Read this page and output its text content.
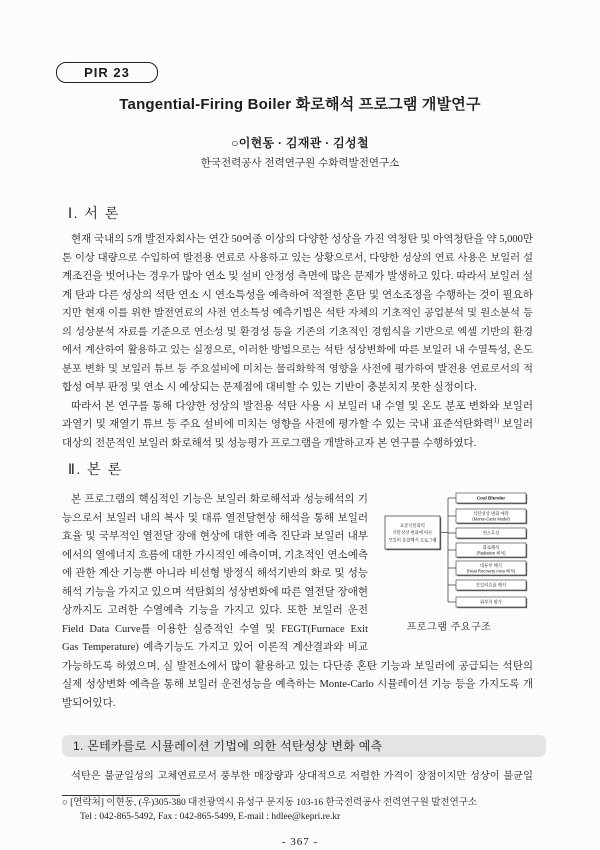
PIR 23
Tangential-Firing Boiler 화로해석 프로그램 개발연구
○이현동 · 김재관 · 김성철
한국전력공사 전력연구원 수화력발전연구소
Ⅰ. 서 론
현재 국내의 5개 발전자회사는 연간 50여종 이상의 다양한 성상을 가진 역청탄 및 아역청탄을 약 5,000만
톤 이상 대량으로 수입하여 발전용 연료로 사용하고 있는 상황으로서, 다양한 성상의 연료 사용은 보일러 설
계조건을 벗어나는 경우가 많아 연소 및 설비 안정성 측면에 많은 문제가 발생하고 있다. 따라서 보일러 설
계 탄과 다른 성상의 석탄 연소 시 연소특성을 예측하여 적절한 혼탄 및 연소조정을 수행하는 것이 필요하
지만 현재 이를 위한 발전연료의 사전 연소특성 예측기법은 석탄 자체의 기초적인 공업분석 및 원소분석 등
의 성상분석 자료를 기준으로 연소성 및 환경성 등을 기존의 기초적인 경험식을 기반으로 엑셀 기반의 환경
에서 계산하여 활용하고 있는 실정으로, 이러한 방법으로는 석탄 성상변화에 따른 보일러 내 수열특성, 온도
분포 변화 및 보일러 튜브 등 주요설비에 미치는 물리화학적 영향을 사전에 평가하여 발전용 연료로서의 적
합성 여부 판정 및 연소 시 예상되는 문제점에 대비할 수 있는 기반이 충분치지 못한 실정이다.
따라서 본 연구를 통해 다양한 성상의 발전용 석탄 사용 시 보일러 내 수열 및 온도 분포 변화와 보일러
과열기 및 재열기 튜브 등 주요 설비에 미치는 영향을 사전에 평가할 수 있는 국내 표준석탄화력$^{1)}$ 보일러
대상의 전문적인 보일러 화로해석 및 성능평가 프로그램을 개발하고자 본 연구를 수행하였다.
Ⅱ. 본 론
본 프로그램의 핵심적인 기능은 보일러 화로해석과 성능해석의 기
능으로서 보일러 내의 복사 및 대류 열전달현상 해석을 통해 보일러
효율 및 국부적인 열전달 장애 현상에 대한 예측 진단과 보일러 내부
에서의 열에너지 흐름에 대한 가시적인 예측이며, 기초적인 연소예측
에 관한 계산 기능뿐 아니라 비선형 방정식 해석기반의 화로 및 성능
해석 기능을 가지고 있으며 석탄회의 성상변화에 따른 열전달 장애현
상까지도 고려한 수열예측 기능을 가지고 있다. 또한 보일러 운전
Field Data Curve를 이용한 실증적인 수열 및 FEGT(Furnace Exit
Gas Temperature) 예측기능도 가지고 있어 이론적 계산결과와 비교
가능하도록 하였으며, 실 발전소에서 많이 활용하고 있는 다단종 혼탄 기능과 보일러에 공급되는 석탄의
실제 성상변화 예측을 통해 보일러 운전성능을 예측하는 Monte-Carlo 시뮬레이션 기능 등을 가지도록 개
발되어있다.
표준석탄화력
석탄성상 변화에 따른
보일러 통합해석 프로그램
Coal Blender
석탄성상 변화 예측
(Monte-Carlo Model)
연소특성
화로해석
(Radiation 해석)
대류부 해석
(Heat Recovery Area 해석)
보일러효율 해석
회부착 평가
프로그램 주요구조
1. 몬테카를로 시뮬레이션 기법에 의한 석탄성상 변화 예측
석탄은 불균일성의 고체연료로서 풍부한 매장량과 상대적으로 저렴한 가격이 장점이지만 성상이 불균일
○ [연락처] 이현동, (우)305-380 대전광역시 유성구 문지동 103-16 한국전력공사 전력연구원 발전연구소
Tel : 042-865-5492, Fax : 042-865-5499, E-mail : hdlee@kepri.re.kr
- 367 -
